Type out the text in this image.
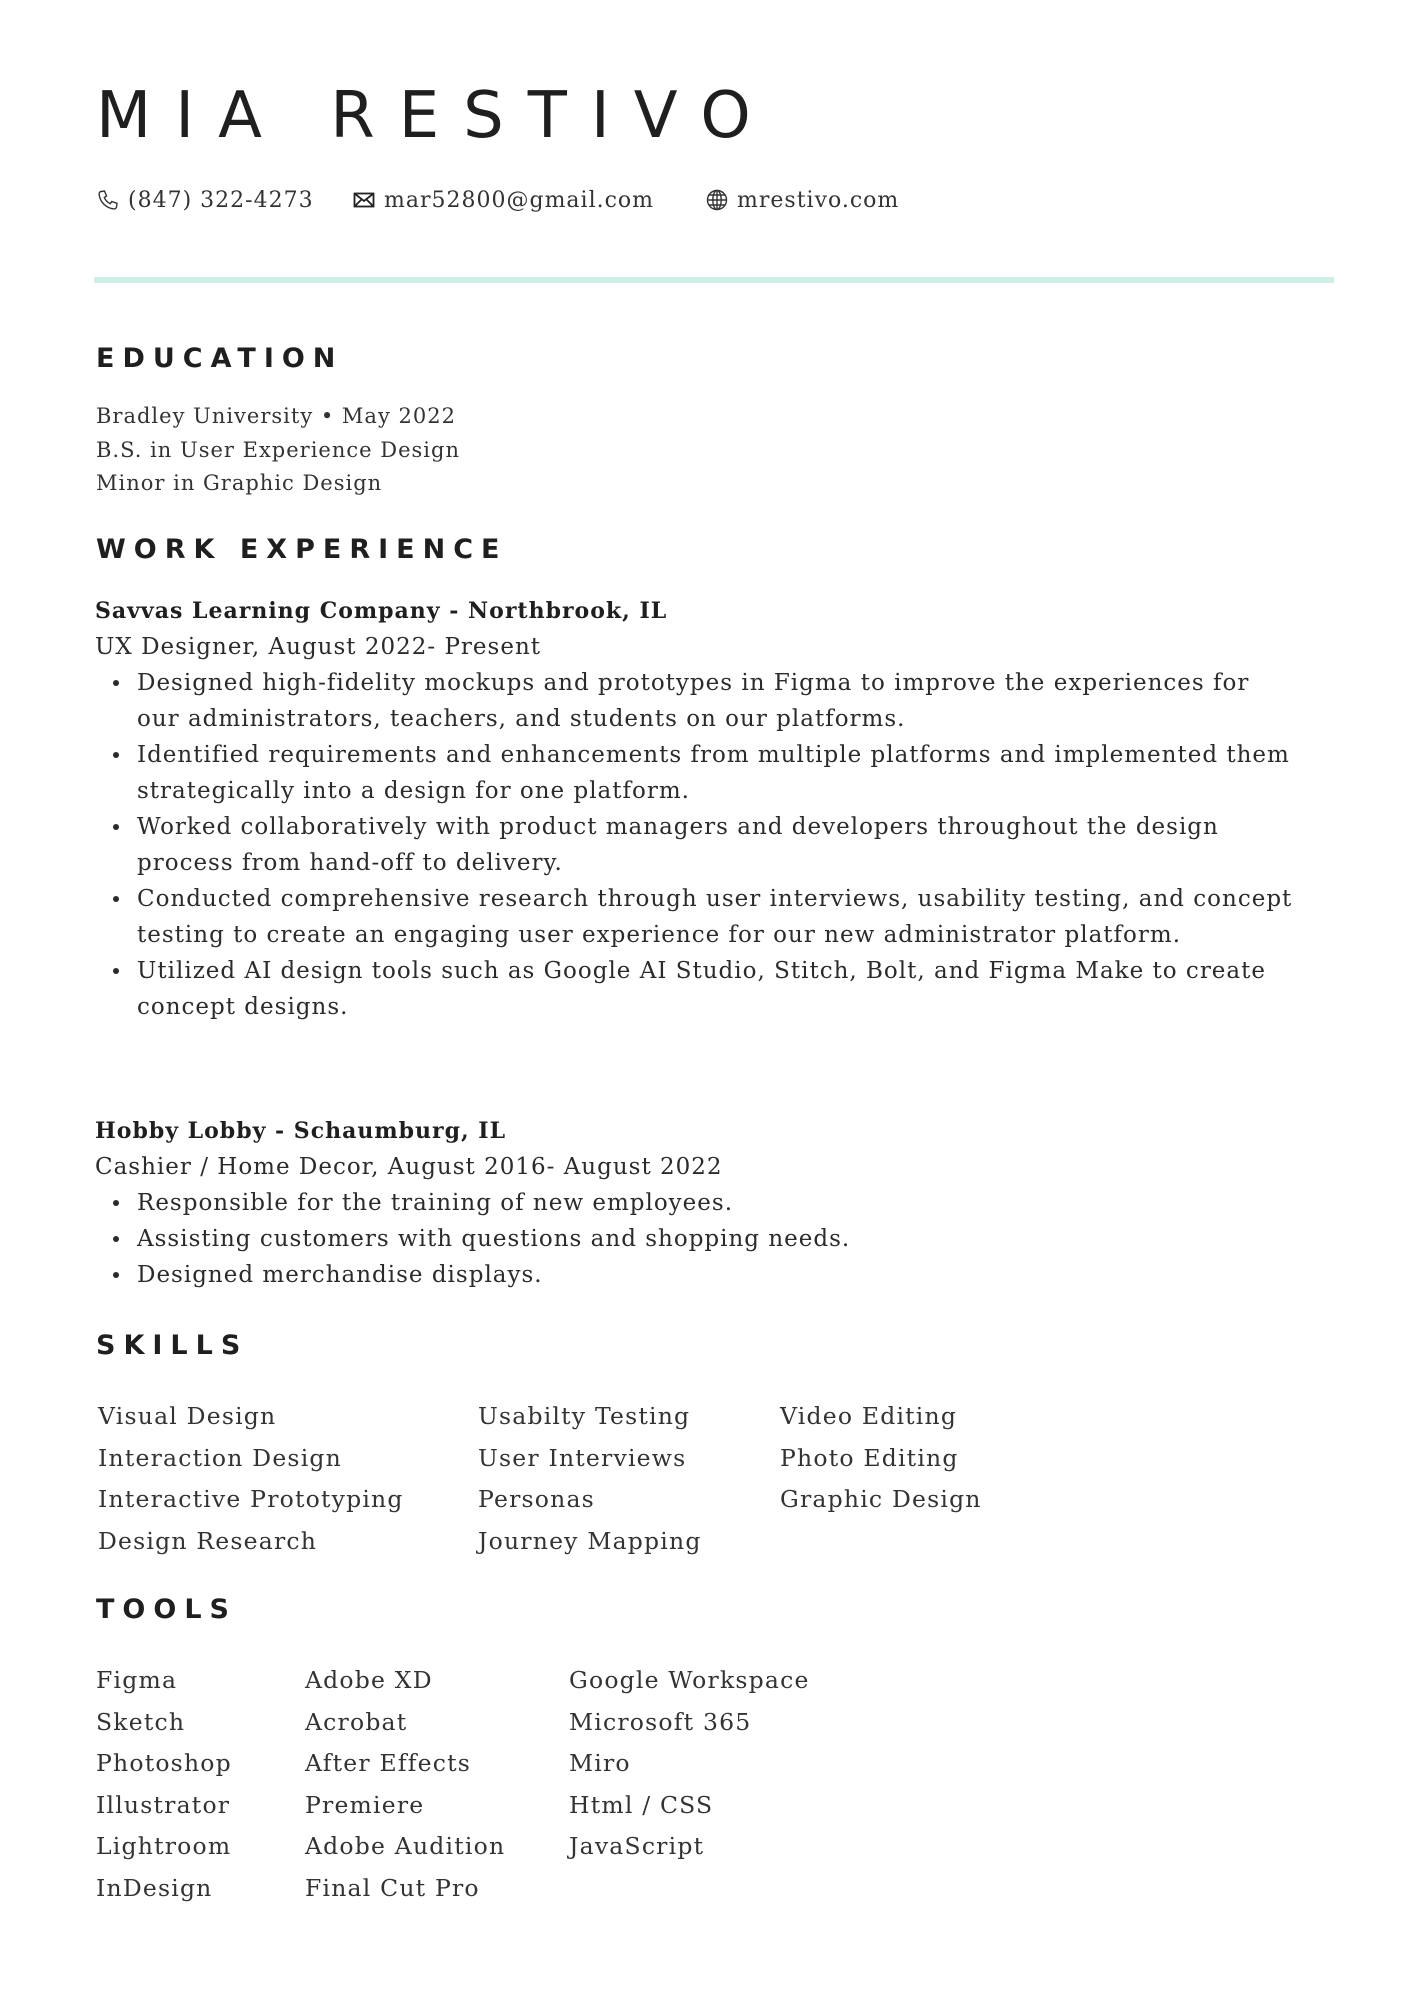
MIA RESTIVO
(847) 322-4273	mar52800@gmail.com	mrestivo.com
EDUCATION
Bradley University • May 2022
B.S. in User Experience Design
Minor in Graphic Design
WORK EXPERIENCE
Savvas Learning Company - Northbrook, IL
UX Designer, August 2022- Present
Designed high-fidelity mockups and prototypes in Figma to improve the experiences for our administrators, teachers, and students on our platforms.
Identified requirements and enhancements from multiple platforms and implemented them strategically into a design for one platform.
Worked collaboratively with product managers and developers throughout the design process from hand-off to delivery.
Conducted comprehensive research through user interviews, usability testing, and concept testing to create an engaging user experience for our new administrator platform.
Utilized AI design tools such as Google AI Studio, Stitch, Bolt, and Figma Make to create concept designs.
Hobby Lobby - Schaumburg, IL
Cashier / Home Decor, August 2016- August 2022
Responsible for the training of new employees.
Assisting customers with questions and shopping needs.
Designed merchandise displays.
SKILLS
Visual Design
Interaction Design
Interactive Prototyping
Design Research
Usabilty Testing
User Interviews
Personas
Journey Mapping
Video Editing
Photo Editing
Graphic Design
TOOLS
Figma
Sketch
Photoshop
Illustrator
Lightroom
InDesign
Adobe XD
Acrobat
After Effects
Premiere
Adobe Audition
Final Cut Pro
Google Workspace
Microsoft 365
Miro
Html / CSS
JavaScript
